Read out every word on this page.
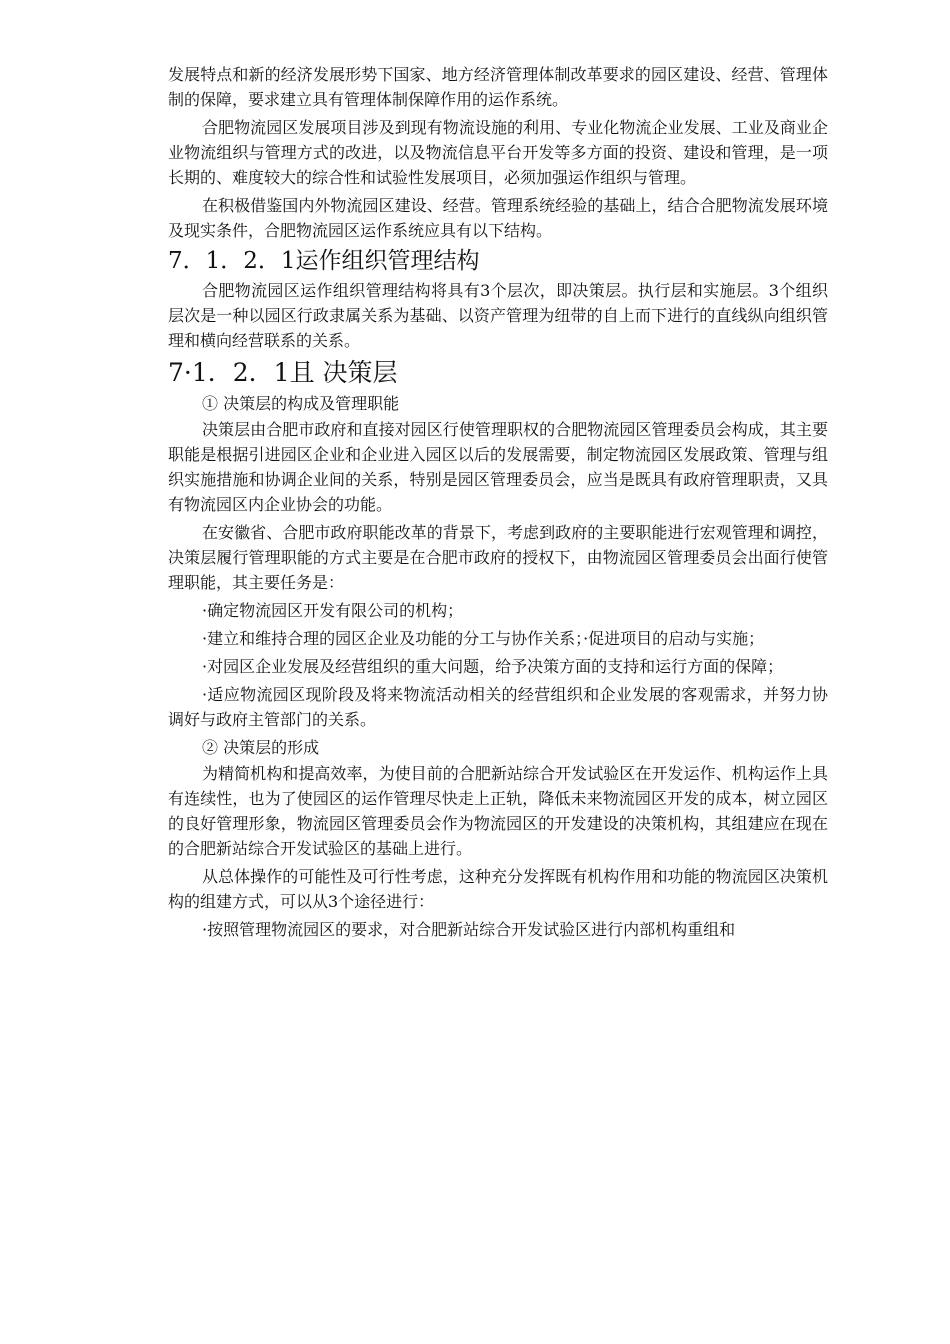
发展特点和新的经济发展形势下国家、地方经济管理体制改革要求的园区建设、经营、管理体制的保障，要求建立具有管理体制保障作用的运作系统。

合肥物流园区发展项目涉及到现有物流设施的利用、专业化物流企业发展、工业及商业企业物流组织与管理方式的改进，以及物流信息平台开发等多方面的投资、建设和管理，是一项长期的、难度较大的综合性和试验性发展项目，必须加强运作组织与管理。

在积极借鉴国内外物流园区建设、经营。管理系统经验的基础上，结合合肥物流发展环境及现实条件，合肥物流园区运作系统应具有以下结构。

7．1．2．1运作组织管理结构

合肥物流园区运作组织管理结构将具有3个层次，即决策层。执行层和实施层。3个组织层次是一种以园区行政隶属关系为基础、以资产管理为纽带的自上而下进行的直线纵向组织管理和横向经营联系的关系。

7·1．2．1且 决策层
① 决策层的构成及管理职能

决策层由合肥市政府和直接对园区行使管理职权的合肥物流园区管理委员会构成，其主要职能是根据引进园区企业和企业进入园区以后的发展需要，制定物流园区发展政策、管理与组织实施措施和协调企业间的关系，特别是园区管理委员会，应当是既具有政府管理职责，又具有物流园区内企业协会的功能。

在安徽省、合肥市政府职能改革的背景下，考虑到政府的主要职能进行宏观管理和调控，决策层履行管理职能的方式主要是在合肥市政府的授权下，由物流园区管理委员会出面行使管理职能，其主要任务是：

·确定物流园区开发有限公司的机构；

·建立和维持合理的园区企业及功能的分工与协作关系；·促进项目的启动与实施；

·对园区企业发展及经营组织的重大问题，给予决策方面的支持和运行方面的保障；

·适应物流园区现阶段及将来物流活动相关的经营组织和企业发展的客观需求，并努力协调好与政府主管部门的关系。

② 决策层的形成

为精简机构和提高效率，为使目前的合肥新站综合开发试验区在开发运作、机构运作上具有连续性，也为了使园区的运作管理尽快走上正轨，降低未来物流园区开发的成本，树立园区的良好管理形象，物流园区管理委员会作为物流园区的开发建设的决策机构，其组建应在现在的合肥新站综合开发试验区的基础上进行。

从总体操作的可能性及可行性考虑，这种充分发挥既有机构作用和功能的物流园区决策机构的组建方式，可以从3个途径进行：

·按照管理物流园区的要求，对合肥新站综合开发试验区进行内部机构重组和
